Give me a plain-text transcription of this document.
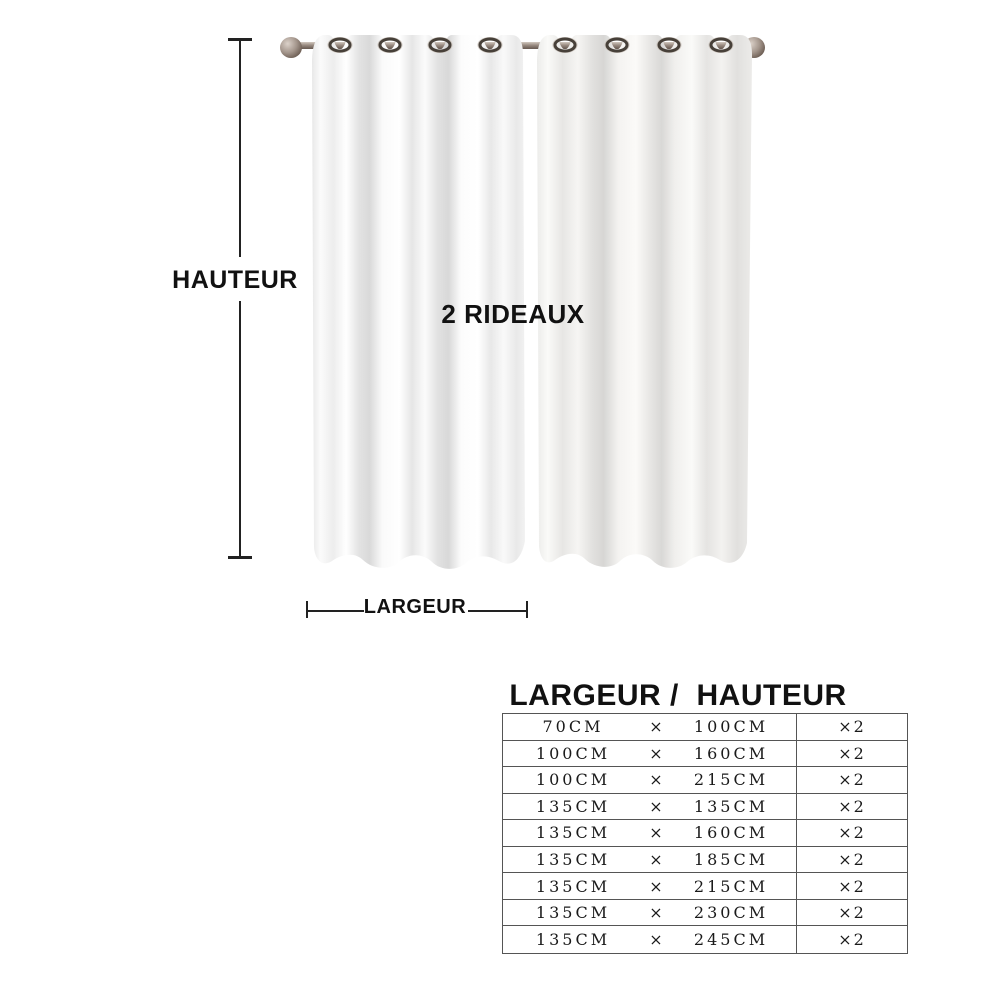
HAUTEUR
2 RIDEAUX
LARGEUR
LARGEUR /  HAUTEUR
70CM	×	100CM	×2
100CM	×	160CM	×2
100CM	×	215CM	×2
135CM	×	135CM	×2
135CM	×	160CM	×2
135CM	×	185CM	×2
135CM	×	215CM	×2
135CM	×	230CM	×2
135CM	×	245CM	×2
